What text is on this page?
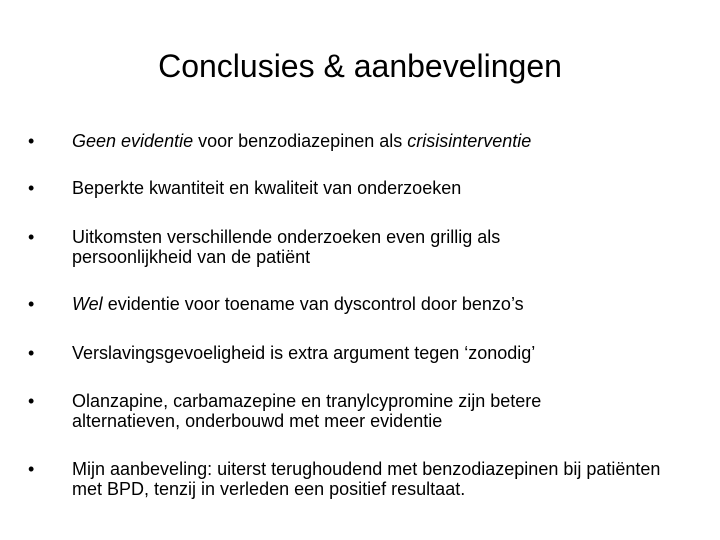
Conclusies & aanbevelingen
•	Geen evidentie voor benzodiazepinen als crisisinterventie
•	Beperkte kwantiteit en kwaliteit van onderzoeken
•	Uitkomsten verschillende onderzoeken even grillig als persoonlijkheid van de patiënt
•	Wel evidentie voor toename van dyscontrol door benzo’s
•	Verslavingsgevoeligheid is extra argument tegen ‘zonodig’
•	Olanzapine, carbamazepine en tranylcypromine zijn betere alternatieven, onderbouwd met meer evidentie
•	Mijn aanbeveling: uiterst terughoudend met benzodiazepinen bij patiënten met BPD, tenzij in verleden een positief resultaat.
